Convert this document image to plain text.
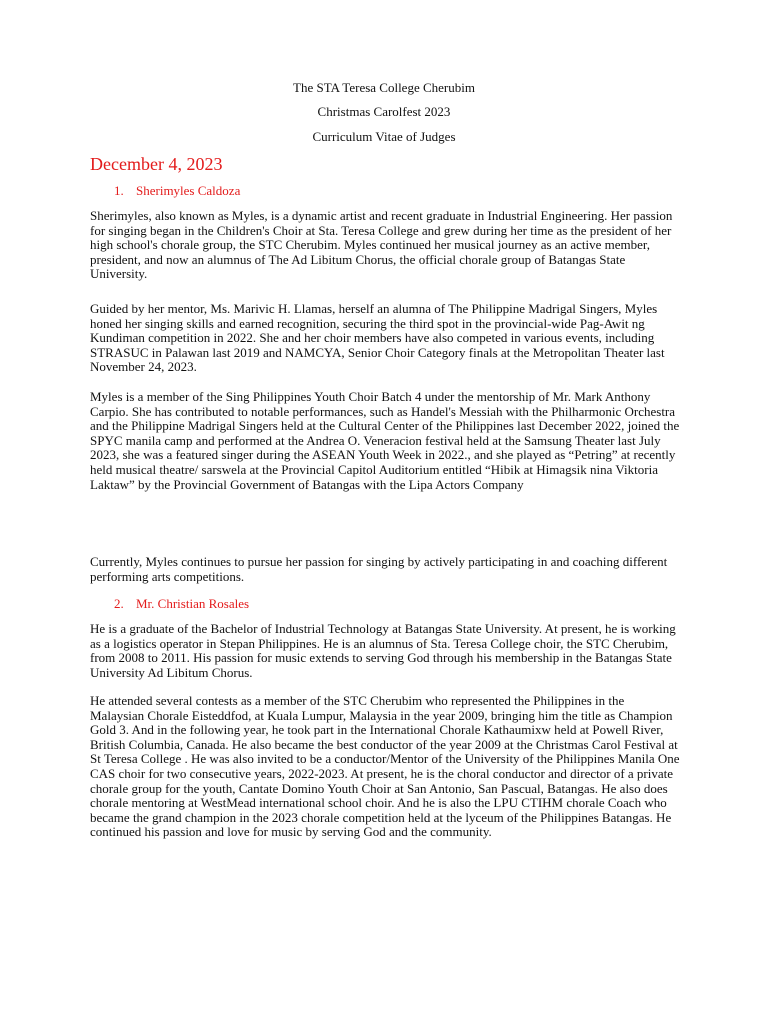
The STA Teresa College Cherubim
Christmas Carolfest 2023
Curriculum Vitae of Judges
December 4, 2023
1. Sherimyles Caldoza
Sherimyles, also known as Myles, is a dynamic artist and recent graduate in Industrial Engineering. Her passion for singing began in the Children's Choir at Sta. Teresa College and grew during her time as the president of her high school's chorale group, the STC Cherubim. Myles continued her musical journey as an active member, president, and now an alumnus of The Ad Libitum Chorus, the official chorale group of Batangas State University.
Guided by her mentor, Ms. Marivic H. Llamas, herself an alumna of The Philippine Madrigal Singers, Myles honed her singing skills and earned recognition, securing the third spot in the provincial-wide Pag-Awit ng Kundiman competition in 2022. She and her choir members have also competed in various events, including STRASUC in Palawan last 2019 and NAMCYA, Senior Choir Category finals at the Metropolitan Theater last November 24, 2023.
Myles is a member of the Sing Philippines Youth Choir Batch 4 under the mentorship of Mr. Mark Anthony Carpio. She has contributed to notable performances, such as Handel's Messiah with the Philharmonic Orchestra and the Philippine Madrigal Singers held at the Cultural Center of the Philippines last December 2022, joined the SPYC manila camp and performed at the Andrea O. Veneracion festival held at the Samsung Theater last July 2023, she was a featured singer during the ASEAN Youth Week in 2022., and she played as “Petring” at recently held musical theatre/ sarswela at the Provincial Capitol Auditorium entitled “Hibik at Himagsik nina Viktoria Laktaw” by the Provincial Government of Batangas with the Lipa Actors Company
Currently, Myles continues to pursue her passion for singing by actively participating in and coaching different performing arts competitions.
2. Mr. Christian Rosales
He is a graduate of the Bachelor of Industrial Technology at Batangas State University. At present, he is working as a logistics operator in Stepan Philippines. He is an alumnus of Sta. Teresa College choir, the STC Cherubim, from 2008 to 2011. His passion for music extends to serving God through his membership in the Batangas State University Ad Libitum Chorus.
He attended several contests as a member of the STC Cherubim who represented the Philippines in the Malaysian Chorale Eisteddfod, at Kuala Lumpur, Malaysia in the year 2009, bringing him the title as Champion Gold 3. And in the following year, he took part in the International Chorale Kathaumixw held at Powell River, British Columbia, Canada. He also became the best conductor of the year 2009 at the Christmas Carol Festival at St Teresa College . He was also invited to be a conductor/Mentor of the University of the Philippines Manila One CAS choir for two consecutive years, 2022-2023. At present, he is the choral conductor and director of a private chorale group for the youth, Cantate Domino Youth Choir at San Antonio, San Pascual, Batangas. He also does chorale mentoring at WestMead international school choir. And he is also the LPU CTIHM chorale Coach who became the grand champion in the 2023 chorale competition held at the lyceum of the Philippines Batangas. He continued his passion and love for music by serving God and the community.
